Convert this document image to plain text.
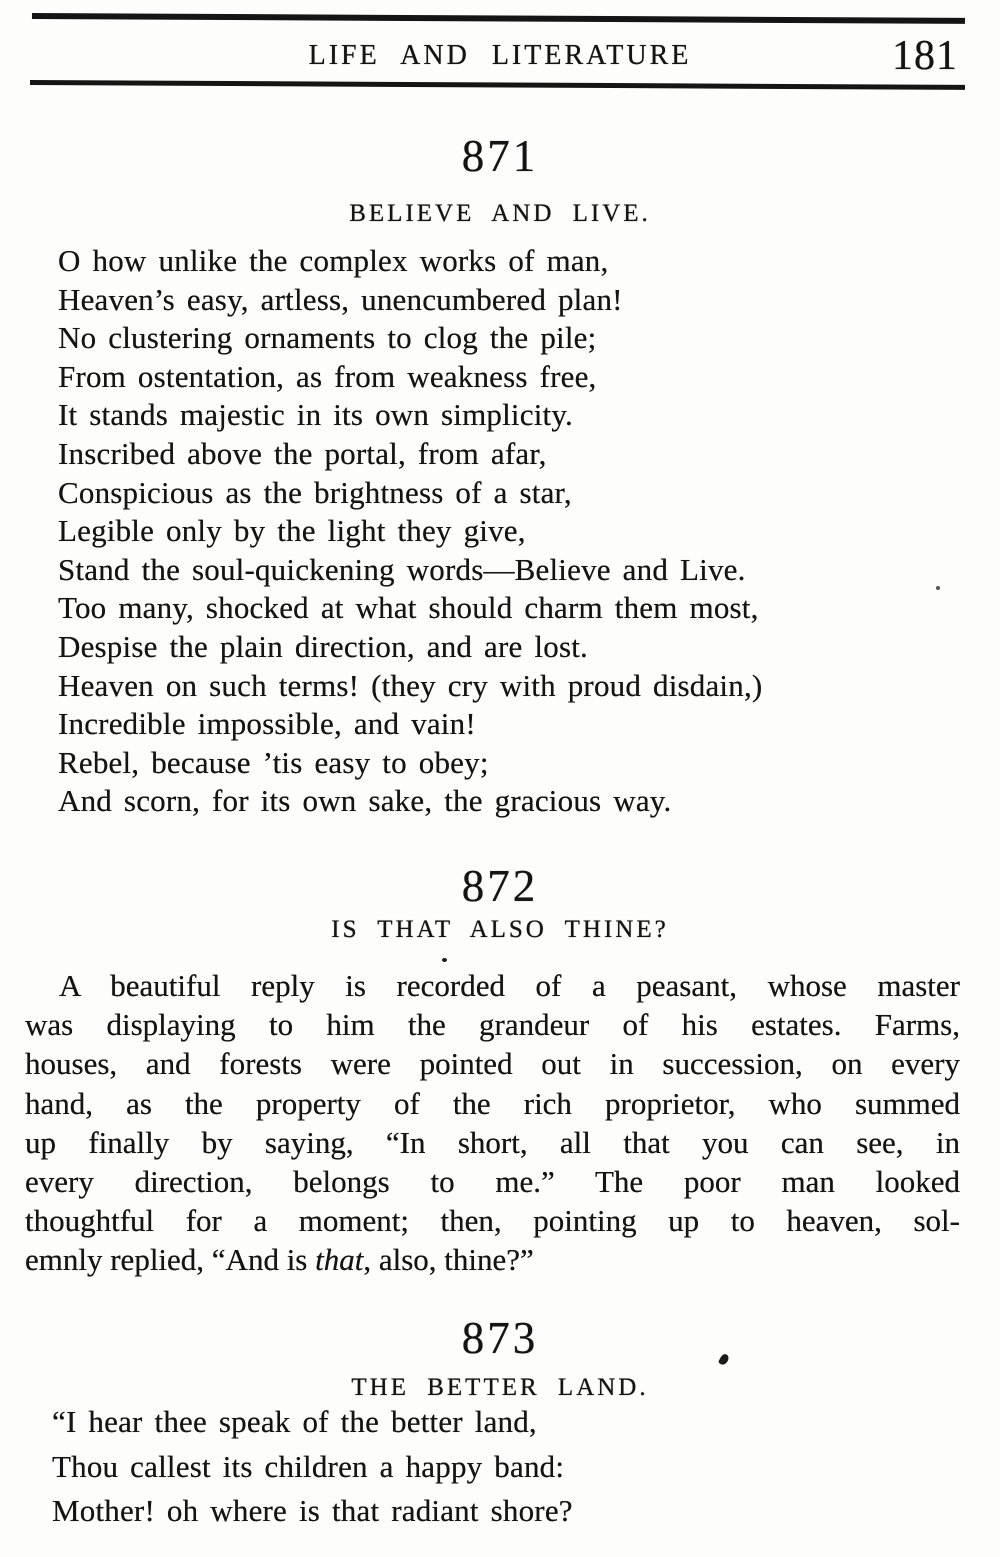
LIFE AND LITERATURE	181
871
BELIEVE AND LIVE.
O how unlike the complex works of man,
Heaven’s easy, artless, unencumbered plan!
No clustering ornaments to clog the pile;
From ostentation, as from weakness free,
It stands majestic in its own simplicity.
Inscribed above the portal, from afar,
Conspicious as the brightness of a star,
Legible only by the light they give,
Stand the soul-quickening words—Believe and Live.
Too many, shocked at what should charm them most,
Despise the plain direction, and are lost.
Heaven on such terms! (they cry with proud disdain,)
Incredible impossible, and vain!
Rebel, because ’tis easy to obey;
And scorn, for its own sake, the gracious way.
872
IS THAT ALSO THINE?
A beautiful reply is recorded of a peasant, whose master
was displaying to him the grandeur of his estates. Farms,
houses, and forests were pointed out in succession, on every
hand, as the property of the rich proprietor, who summed
up finally by saying, “In short, all that you can see, in
every direction, belongs to me.” The poor man looked
thoughtful for a moment; then, pointing up to heaven, sol-
emnly replied, “And is that, also, thine?”
873
THE BETTER LAND.
“I hear thee speak of the better land,
Thou callest its children a happy band:
Mother! oh where is that radiant shore?
